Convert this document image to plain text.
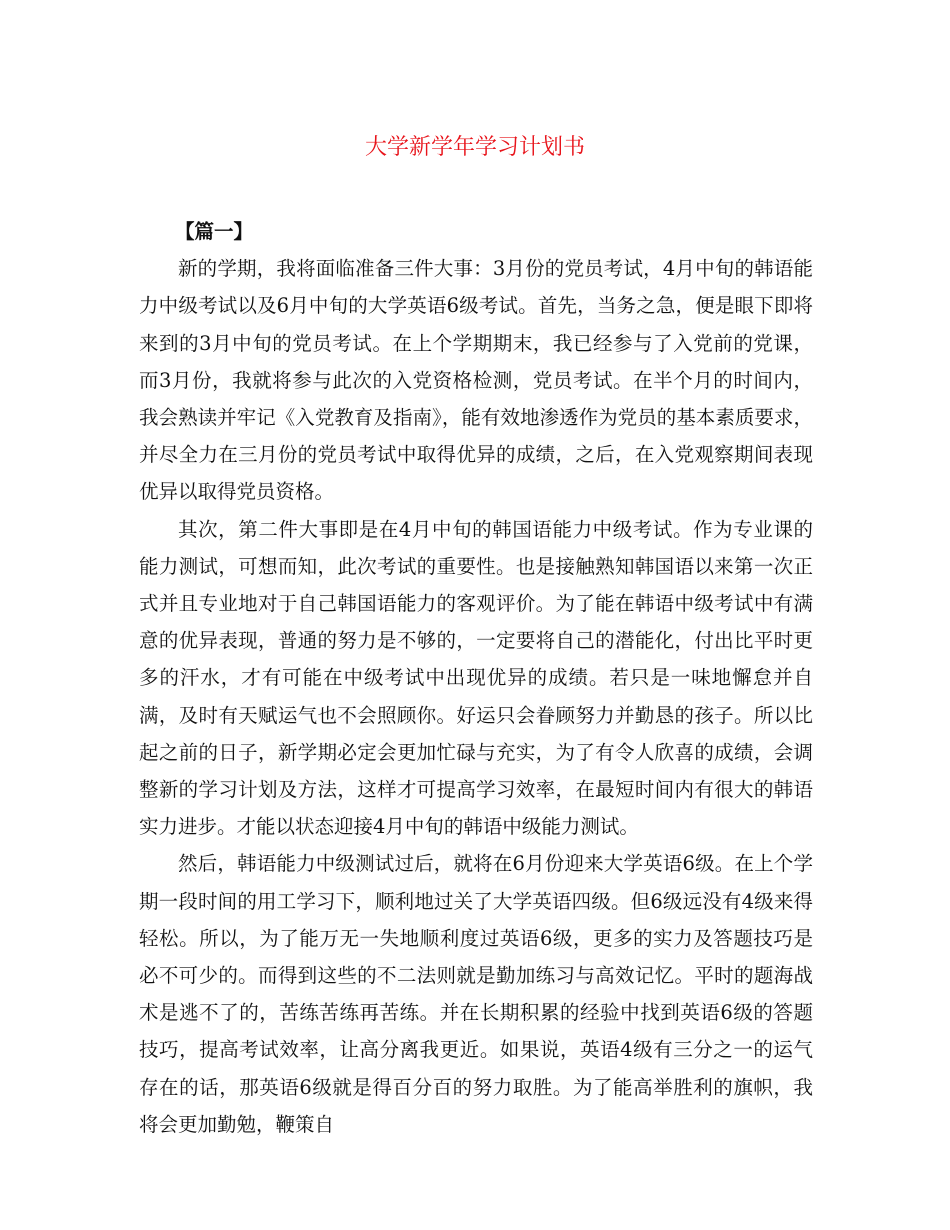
大学新学年学习计划书

【篇一】

新的学期，我将面临准备三件大事：3月份的党员考试，4月中旬的韩语能力中级考试以及6月中旬的大学英语6级考试。首先，当务之急，便是眼下即将来到的3月中旬的党员考试。在上个学期期末，我已经参与了入党前的党课，而3月份，我就将参与此次的入党资格检测，党员考试。在半个月的时间内，我会熟读并牢记《入党教育及指南》，能有效地渗透作为党员的基本素质要求，并尽全力在三月份的党员考试中取得优异的成绩，之后，在入党观察期间表现优异以取得党员资格。

其次，第二件大事即是在4月中旬的韩国语能力中级考试。作为专业课的能力测试，可想而知，此次考试的重要性。也是接触熟知韩国语以来第一次正式并且专业地对于自己韩国语能力的客观评价。为了能在韩语中级考试中有满意的优异表现，普通的努力是不够的，一定要将自己的潜能化，付出比平时更多的汗水，才有可能在中级考试中出现优异的成绩。若只是一味地懈怠并自满，及时有天赋运气也不会照顾你。好运只会眷顾努力并勤恳的孩子。所以比起之前的日子，新学期必定会更加忙碌与充实，为了有令人欣喜的成绩，会调整新的学习计划及方法，这样才可提高学习效率，在最短时间内有很大的韩语实力进步。才能以状态迎接4月中旬的韩语中级能力测试。

然后，韩语能力中级测试过后，就将在6月份迎来大学英语6级。在上个学期一段时间的用工学习下，顺利地过关了大学英语四级。但6级远没有4级来得轻松。所以，为了能万无一失地顺利度过英语6级，更多的实力及答题技巧是必不可少的。而得到这些的不二法则就是勤加练习与高效记忆。平时的题海战术是逃不了的，苦练苦练再苦练。并在长期积累的经验中找到英语6级的答题技巧，提高考试效率，让高分离我更近。如果说，英语4级有三分之一的运气存在的话，那英语6级就是得百分百的努力取胜。为了能高举胜利的旗帜，我将会更加勤勉，鞭策自
